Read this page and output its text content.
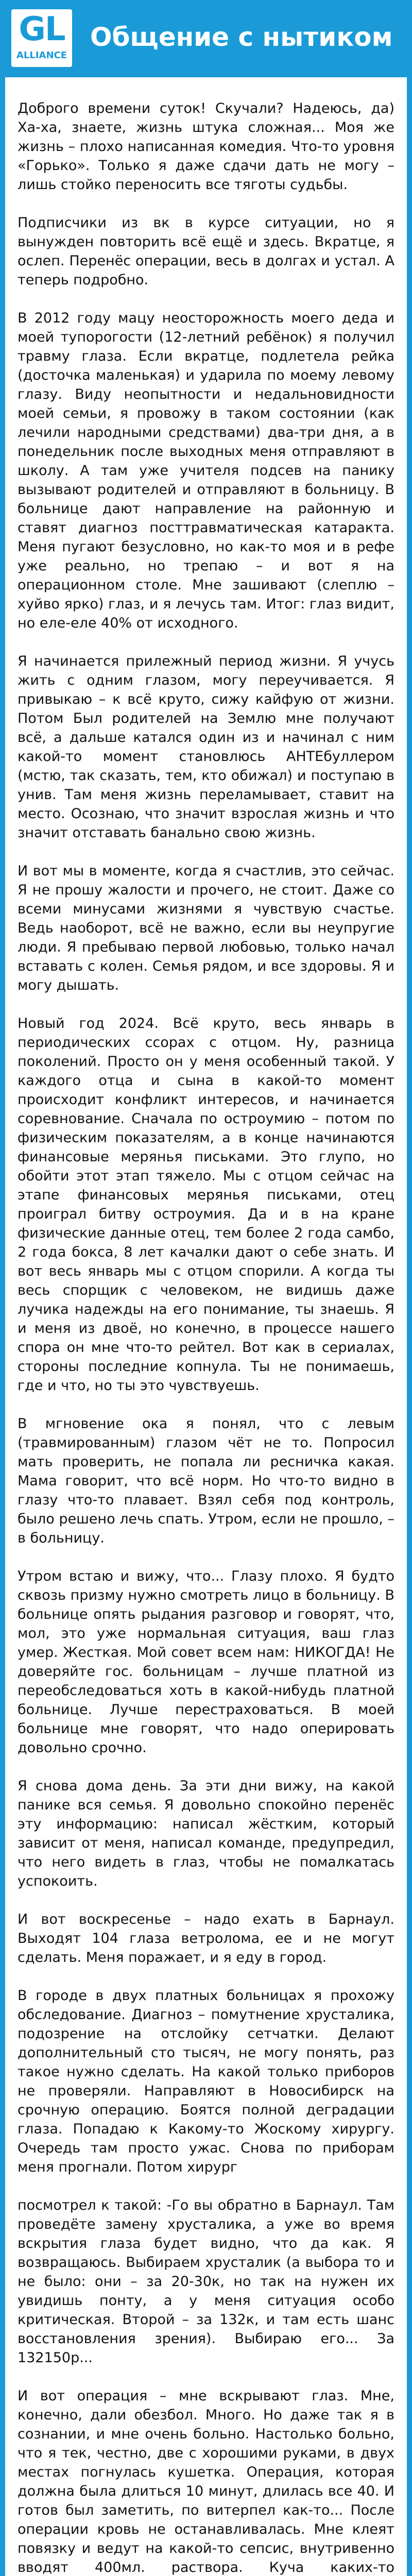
GL
ALLIANCE
Общение с нытиком

Доброго времени суток! Скучали? Надеюсь, да) Ха-ха, знаете, жизнь штука сложная... Моя же жизнь – плохо написанная комедия. Что-то уровня «Горько». Только я даже сдачи дать не могу – лишь стойко переносить все тяготы судьбы.

Подписчики из вк в курсе ситуации, но я вынужден повторить всё ещё и здесь. Вкратце, я ослеп. Перенёс операции, весь в долгах и устал. А теперь подробно.

В 2012 году мацу неосторожность моего деда и моей тупорогости (12-летний ребёнок) я получил травму глаза. Если вкратце, подлетела рейка (досточка маленькая) и ударила по моему левому глазу. Виду неопытности и недальновидности моей семьи, я провожу в таком состоянии (как лечили народными средствами) два-три дня, а в понедельник после выходных меня отправляют в школу. А там уже учителя подсев на панику вызывают родителей и отправляют в больницу. В больнице дают направление на районную и ставят диагноз посттравматическая катаракта. Меня пугают безусловно, но как-то моя и в рефе уже реально, но трепаю – и вот я на операционном столе. Мне зашивают (слеплю – хуйво ярко) глаз, и я лечусь там. Итог: глаз видит, но еле-еле 40% от исходного.

Я начинается прилежный период жизни. Я учусь жить с одним глазом, могу переучивается. Я привыкаю – к всё круто, сижу кайфую от жизни. Потом Был родителей на Землю мне получают всё, а дальше катался один из и начинал с ним какой-то момент становлюсь АНТЕбуллером (мстю, так сказать, тем, кто обижал) и поступаю в унив. Там меня жизнь переламывает, ставит на место. Осознаю, что значит взрослая жизнь и что значит отставать банально свою жизнь.

И вот мы в моменте, когда я счастлив, это сейчас. Я не прошу жалости и прочего, не стоит. Даже со всеми минусами жизнями я чувствую счастье. Ведь наоборот, всё не важно, если вы неупругие люди. Я пребываю первой любовью, только начал вставать с колен. Семья рядом, и все здоровы. Я и могу дышать.

Новый год 2024. Всё круто, весь январь в периодических ссорах с отцом. Ну, разница поколений. Просто он у меня особенный такой. У каждого отца и сына в какой-то момент происходит конфликт интересов, и начинается соревнование. Сначала по остроумию – потом по физическим показателям, а в конце начинаются финансовые мерянья письками. Это глупо, но обойти этот этап тяжело. Мы с отцом сейчас на этапе финансовых мерянья письками, отец проиграл битву остроумия. Да и в на кране физические данные отец, тем более 2 года самбо, 2 года бокса, 8 лет качалки дают о себе знать. И вот весь январь мы с отцом спорили. А когда ты весь спорщик с человеком, не видишь даже лучика надежды на его понимание, ты знаешь. Я и меня из двоё, но конечно, в процессе нашего спора он мне что-то рейтел. Вот как в сериалах, стороны последние копнула. Ты не понимаешь, где и что, но ты это чувствуешь.

В мгновение ока я понял, что с левым (травмированным) глазом чёт не то. Попросил мать проверить, не попала ли ресничка какая. Мама говорит, что всё норм. Но что-то видно в глазу что-то плавает. Взял себя под контроль, было решено лечь спать. Утром, если не прошло, – в больницу.

Утром встаю и вижу, что... Глазу плохо. Я будто сквозь призму нужно смотреть лицо в больницу. В больнице опять рыдания разговор и говорят, что, мол, это уже нормальная ситуация, ваш глаз умер. Жесткая. Мой совет всем нам: НИКОГДА! Не доверяйте гос. больницам – лучше платной из переобследоваться хоть в какой-нибудь платной больнице. Лучше перестраховаться. В моей больнице мне говорят, что надо оперировать довольно срочно.

Я снова дома день. За эти дни вижу, на какой панике вся семья. Я довольно спокойно перенёс эту информацию: написал жёстким, который зависит от меня, написал команде, предупредил, что него видеть в глаз, чтобы не помалкатась успокоить.

И вот воскресенье – надо ехать в Барнаул. Выходят 104 глаза ветролома, ее и не могут сделать. Меня поражает, и я еду в город.

В городе в двух платных больницах я прохожу обследование. Диагноз – помутнение хрусталика, подозрение на отслойку сетчатки. Делают дополнительный сто тысяч, не могу понять, раз такое нужно сделать. На какой только приборов не проверяли. Направляют в Новосибирск на срочную операцию. Боятся полной деградации глаза. Попадаю к Какому-то Жоскому хирургу. Очередь там просто ужас. Снова по приборам меня прогнали. Потом хирург

посмотрел к такой: -Го вы обратно в Барнаул. Там проведёте замену хрусталика, а уже во время вскрытия глаза будет видно, что да как. Я возвращаюсь. Выбираем хрусталик (а выбора то и не было: они – за 20-30к, но так на нужен их увидишь понту, а у меня ситуация особо критическая. Второй – за 132к, и там есть шанс восстановления зрения). Выбираю его... За 132150р...

И вот операция – мне вскрывают глаз. Мне, конечно, дали обезбол. Много. Но даже так я в сознании, и мне очень больно. Настолько больно, что я тек, честно, две с хорошими руками, в двух местах погнулась кушетка. Операция, которая должна была длиться 10 минут, длилась все 40. И готов был заметить, по витерпел как-то... После операции кровь не останавливалась. Мне клеят повязку и ведут на какой-то сепсис, внутривенно вводят 400мл. раствора. Куча каких-то
